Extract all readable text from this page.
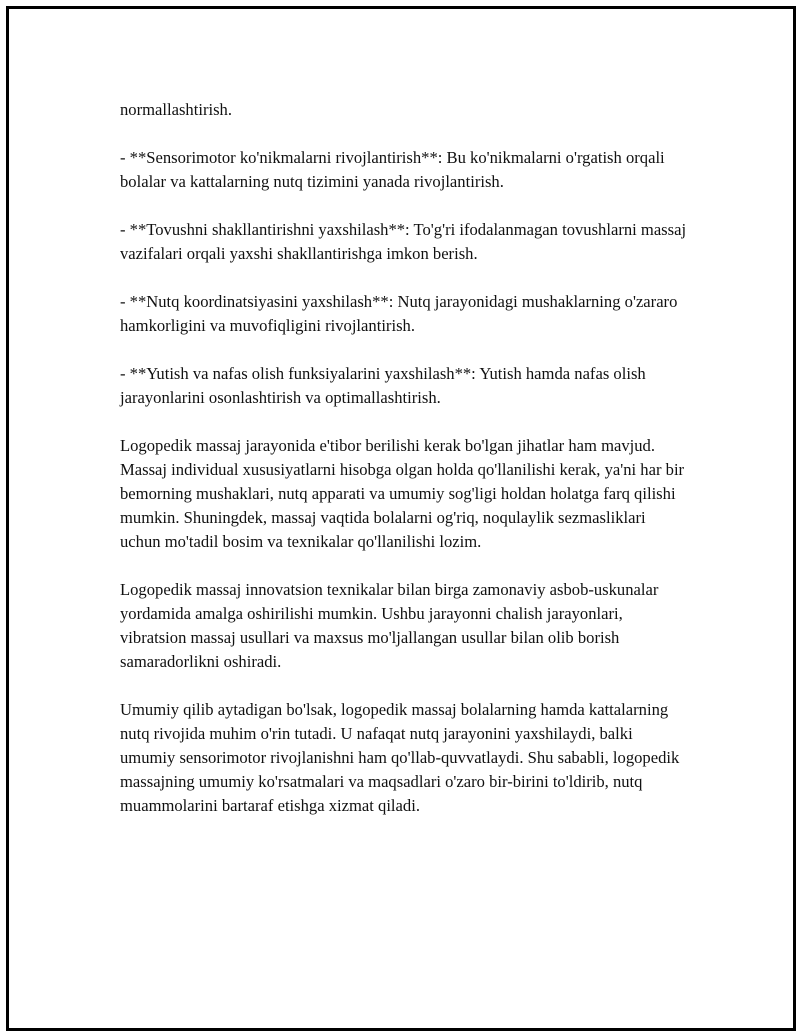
normallashtirish.

- **Sensorimotor ko'nikmalarni rivojlantirish**: Bu ko'nikmalarni o'rgatish orqali bolalar va kattalarning nutq tizimini yanada rivojlantirish.

- **Tovushni shakllantirishni yaxshilash**: To'g'ri ifodalanmagan tovushlarni massaj vazifalari orqali yaxshi shakllantirishga imkon berish.

- **Nutq koordinatsiyasini yaxshilash**: Nutq jarayonidagi mushaklarning o'zararo hamkorligini va muvofiqligini rivojlantirish.

- **Yutish va nafas olish funksiyalarini yaxshilash**: Yutish hamda nafas olish jarayonlarini osonlashtirish va optimallashtirish.

Logopedik massaj jarayonida e'tibor berilishi kerak bo'lgan jihatlar ham mavjud. Massaj individual xususiyatlarni hisobga olgan holda qo'llanilishi kerak, ya'ni har bir bemorning mushaklari, nutq apparati va umumiy sog'ligi holdan holatga farq qilishi mumkin. Shuningdek, massaj vaqtida bolalarni og'riq, noqulaylik sezmasliklari uchun mo'tadil bosim va texnikalar qo'llanilishi lozim.

Logopedik massaj innovatsion texnikalar bilan birga zamonaviy asbob-uskunalar yordamida amalga oshirilishi mumkin. Ushbu jarayonni chalish jarayonlari, vibratsion massaj usullari va maxsus mo'ljallangan usullar bilan olib borish samaradorlikni oshiradi.

Umumiy qilib aytadigan bo'lsak, logopedik massaj bolalarning hamda kattalarning nutq rivojida muhim o'rin tutadi. U nafaqat nutq jarayonini yaxshilaydi, balki umumiy sensorimotor rivojlanishni ham qo'llab-quvvatlaydi. Shu sababli, logopedik massajning umumiy ko'rsatmalari va maqsadlari o'zaro bir-birini to'ldirib, nutq muammolarini bartaraf etishga xizmat qiladi.
